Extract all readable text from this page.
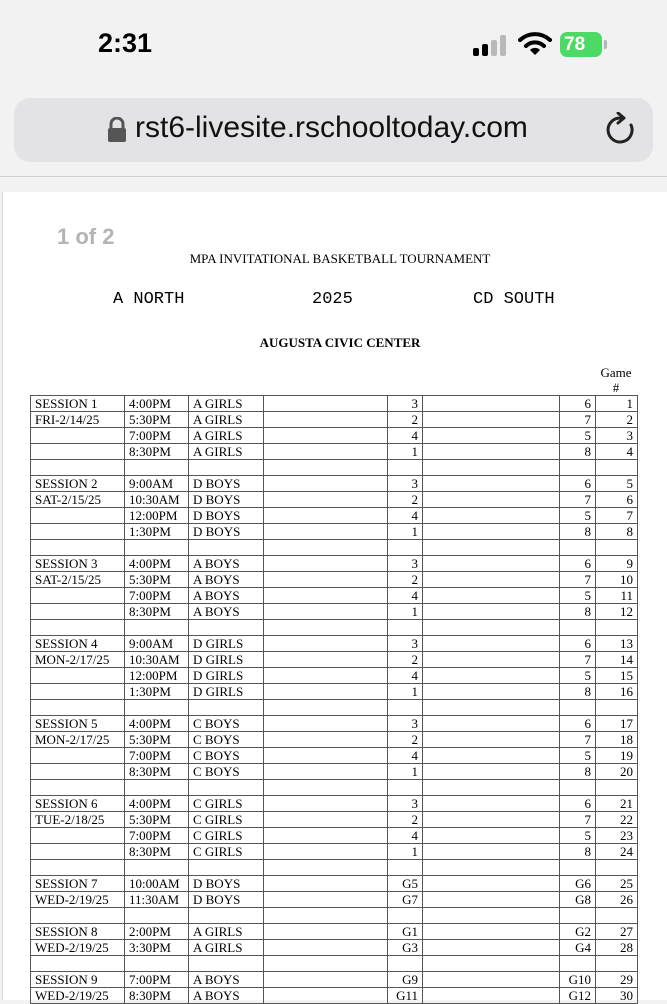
2:31	78
rst6-livesite.rschooltoday.com
1 of 2
MPA INVITATIONAL BASKETBALL TOURNAMENT
A NORTH	2025	CD SOUTH
AUGUSTA CIVIC CENTER
Game
#
SESSION 1	4:00PM	A GIRLS		3		6	1
FRI-2/14/25	5:30PM	A GIRLS		2		7	2
	7:00PM	A GIRLS		4		5	3
	8:30PM	A GIRLS		1		8	4

SESSION 2	9:00AM	D BOYS		3		6	5
SAT-2/15/25	10:30AM	D BOYS		2		7	6
	12:00PM	D BOYS		4		5	7
	1:30PM	D BOYS		1		8	8

SESSION 3	4:00PM	A BOYS		3		6	9
SAT-2/15/25	5:30PM	A BOYS		2		7	10
	7:00PM	A BOYS		4		5	11
	8:30PM	A BOYS		1		8	12

SESSION 4	9:00AM	D GIRLS		3		6	13
MON-2/17/25	10:30AM	D GIRLS		2		7	14
	12:00PM	D GIRLS		4		5	15
	1:30PM	D GIRLS		1		8	16

SESSION 5	4:00PM	C BOYS		3		6	17
MON-2/17/25	5:30PM	C BOYS		2		7	18
	7:00PM	C BOYS		4		5	19
	8:30PM	C BOYS		1		8	20

SESSION 6	4:00PM	C GIRLS		3		6	21
TUE-2/18/25	5:30PM	C GIRLS		2		7	22
	7:00PM	C GIRLS		4		5	23
	8:30PM	C GIRLS		1		8	24

SESSION 7	10:00AM	D BOYS		G5		G6	25
WED-2/19/25	11:30AM	D BOYS		G7		G8	26

SESSION 8	2:00PM	A GIRLS		G1		G2	27
WED-2/19/25	3:30PM	A GIRLS		G3		G4	28

SESSION 9	7:00PM	A BOYS		G9		G10	29
WED-2/19/25	8:30PM	A BOYS		G11		G12	30
